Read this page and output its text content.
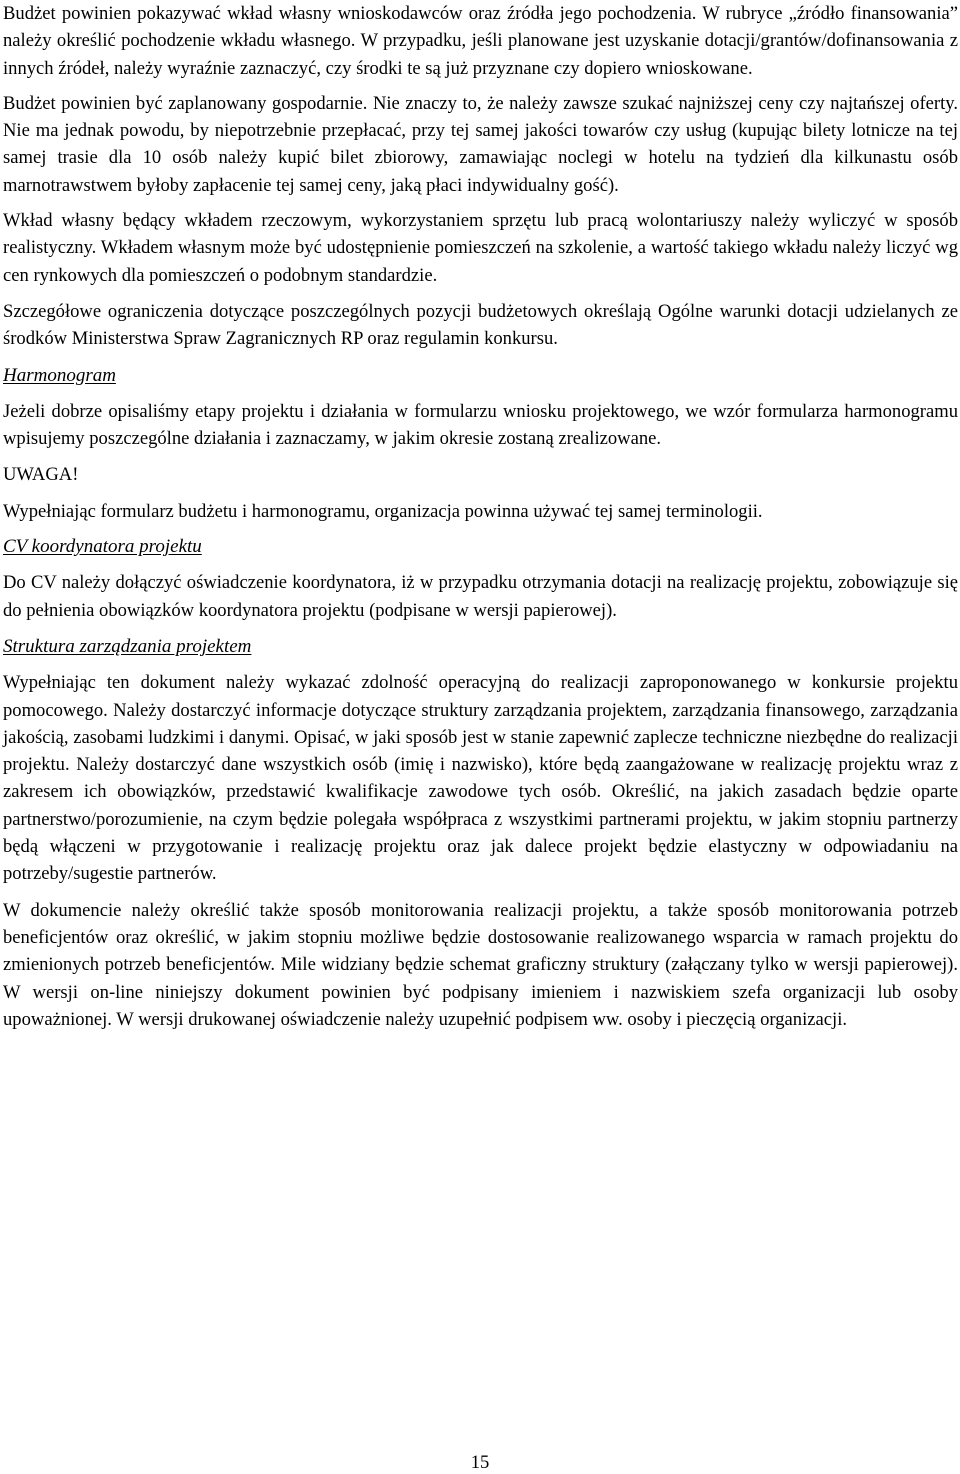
Budżet powinien pokazywać wkład własny wnioskodawców oraz źródła jego pochodzenia. W rubryce „źródło finansowania” należy określić pochodzenie wkładu własnego. W przypadku, jeśli planowane jest uzyskanie dotacji/grantów/dofinansowania z innych źródeł, należy wyraźnie zaznaczyć, czy środki te są już przyznane czy dopiero wnioskowane.

Budżet powinien być zaplanowany gospodarnie. Nie znaczy to, że należy zawsze szukać najniższej ceny czy najtańszej oferty. Nie ma jednak powodu, by niepotrzebnie przepłacać, przy tej samej jakości towarów czy usług (kupując bilety lotnicze na tej samej trasie dla 10 osób należy kupić bilet zbiorowy, zamawiając noclegi w hotelu na tydzień dla kilkunastu osób marnotrawstwem byłoby zapłacenie tej samej ceny, jaką płaci indywidualny gość).

Wkład własny będący wkładem rzeczowym, wykorzystaniem sprzętu lub pracą wolontariuszy należy wyliczyć w sposób realistyczny. Wkładem własnym może być udostępnienie pomieszczeń na szkolenie, a wartość takiego wkładu należy liczyć wg cen rynkowych dla pomieszczeń o podobnym standardzie.

Szczegółowe ograniczenia dotyczące poszczególnych pozycji budżetowych określają Ogólne warunki dotacji udzielanych ze środków Ministerstwa Spraw Zagranicznych RP oraz regulamin konkursu.

Harmonogram

Jeżeli dobrze opisaliśmy etapy projektu i działania w formularzu wniosku projektowego, we wzór formularza harmonogramu wpisujemy poszczególne działania i zaznaczamy, w jakim okresie zostaną zrealizowane.

UWAGA!

Wypełniając formularz budżetu i harmonogramu, organizacja powinna używać tej samej terminologii.

CV koordynatora projektu

Do CV należy dołączyć oświadczenie koordynatora, iż w przypadku otrzymania dotacji na realizację projektu, zobowiązuje się do pełnienia obowiązków koordynatora projektu (podpisane w wersji papierowej).

Struktura zarządzania projektem

Wypełniając ten dokument należy wykazać zdolność operacyjną do realizacji zaproponowanego w konkursie projektu pomocowego. Należy dostarczyć informacje dotyczące struktury zarządzania projektem, zarządzania finansowego, zarządzania jakością, zasobami ludzkimi i danymi. Opisać, w jaki sposób jest w stanie zapewnić zaplecze techniczne niezbędne do realizacji projektu. Należy dostarczyć dane wszystkich osób (imię i nazwisko), które będą zaangażowane w realizację projektu wraz z zakresem ich obowiązków, przedstawić kwalifikacje zawodowe tych osób. Określić, na jakich zasadach będzie oparte partnerstwo/porozumienie, na czym będzie polegała współpraca z wszystkimi partnerami projektu, w jakim stopniu partnerzy będą włączeni w przygotowanie i realizację projektu oraz jak dalece projekt będzie elastyczny w odpowiadaniu na potrzeby/sugestie partnerów.

W dokumencie należy określić także sposób monitorowania realizacji projektu, a także sposób monitorowania potrzeb beneficjentów oraz określić, w jakim stopniu możliwe będzie dostosowanie realizowanego wsparcia w ramach projektu do zmienionych potrzeb beneficjentów. Mile widziany będzie schemat graficzny struktury (załączany tylko w wersji papierowej). W wersji on-line niniejszy dokument powinien być podpisany imieniem i nazwiskiem szefa organizacji lub osoby upoważnionej. W wersji drukowanej oświadczenie należy uzupełnić podpisem ww. osoby i pieczęcią organizacji.

15
